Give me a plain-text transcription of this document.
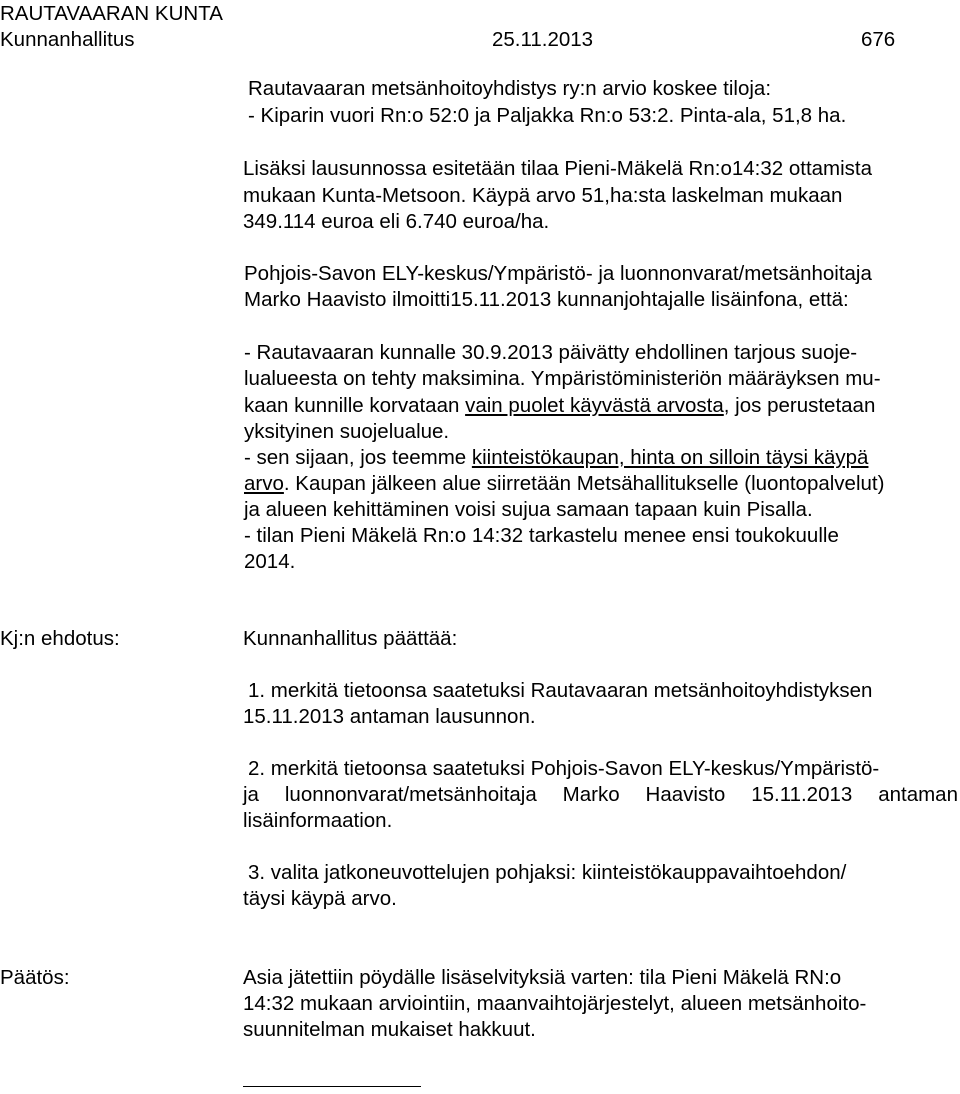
RAUTAVAARAN KUNTA
Kunnanhallitus	25.11.2013	676
Rautavaaran metsänhoitoyhdistys ry:n arvio koskee tiloja:
- Kiparin vuori Rn:o 52:0 ja Paljakka Rn:o 53:2. Pinta-ala, 51,8 ha.
Lisäksi lausunnossa esitetään tilaa Pieni-Mäkelä Rn:o14:32 ottamista
mukaan Kunta-Metsoon. Käypä arvo 51,ha:sta laskelman mukaan
349.114 euroa eli 6.740 euroa/ha.
Pohjois-Savon ELY-keskus/Ympäristö- ja luonnonvarat/metsänhoitaja
Marko Haavisto ilmoitti15.11.2013 kunnanjohtajalle lisäinfona, että:
- Rautavaaran kunnalle 30.9.2013 päivätty ehdollinen tarjous suoje-
lualueesta on tehty maksimina. Ympäristöministeriön määräyksen mu-
kaan kunnille korvataan vain puolet käyvästä arvosta, jos perustetaan
yksityinen suojelualue.
- sen sijaan, jos teemme kiinteistökaupan, hinta on silloin täysi käypä
arvo. Kaupan jälkeen alue siirretään Metsähallitukselle (luontopalvelut)
ja alueen kehittäminen voisi sujua samaan tapaan kuin Pisalla.
- tilan Pieni Mäkelä Rn:o 14:32 tarkastelu menee ensi toukokuulle
2014.
Kj:n ehdotus:	Kunnanhallitus päättää:
1. merkitä tietoonsa saatetuksi Rautavaaran metsänhoitoyhdistyksen
15.11.2013 antaman lausunnon.
2. merkitä tietoonsa saatetuksi Pohjois-Savon ELY-keskus/Ympäristö-
ja luonnonvarat/metsänhoitaja Marko Haavisto 15.11.2013 antaman
lisäinformaation.
3. valita jatkoneuvottelujen pohjaksi: kiinteistökauppavaihtoehdon/
täysi käypä arvo.
Päätös:	Asia jätettiin pöydälle lisäselvityksiä varten: tila Pieni Mäkelä RN:o
14:32 mukaan arviointiin, maanvaihtojärjestelyt, alueen metsänhoito-
suunnitelman mukaiset hakkuut.
